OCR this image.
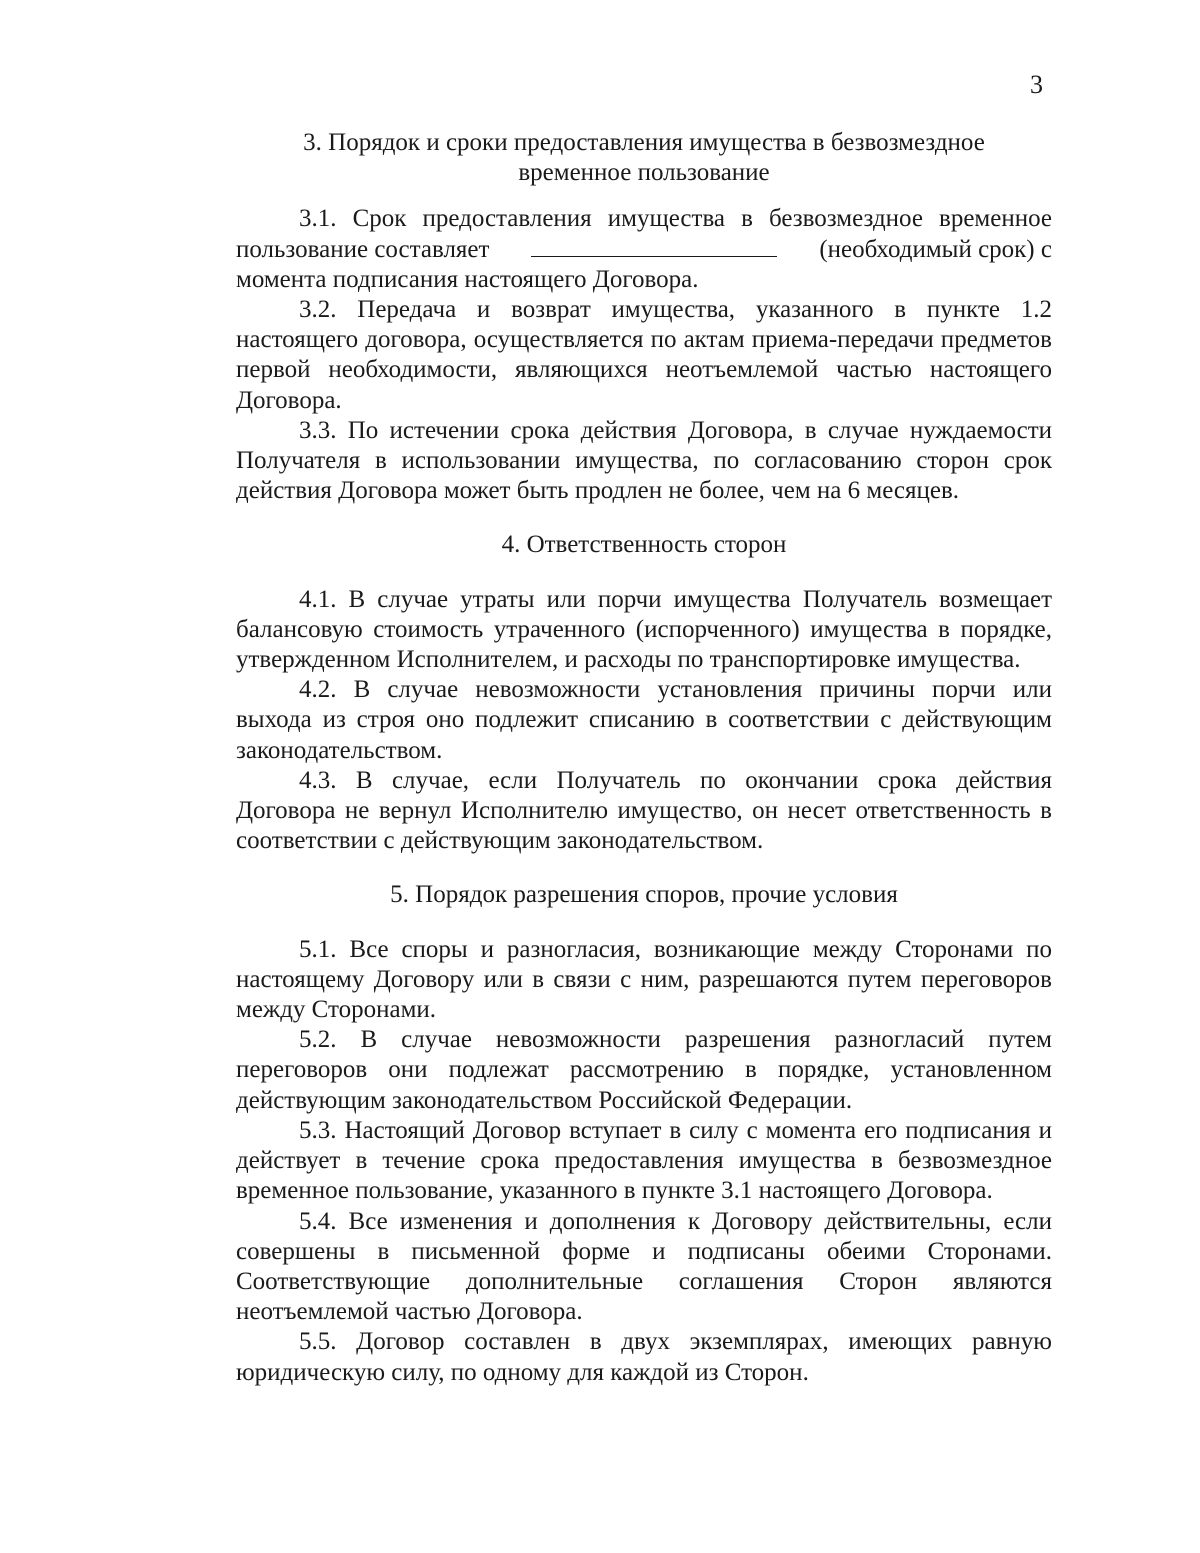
3
3. Порядок и сроки предоставления имущества в безвозмездное
временное пользование

3.1. Срок предоставления имущества в безвозмездное временное

пользование составляет	(необходимый срок) с

момента подписания настоящего Договора.

3.2. Передача и возврат имущества, указанного в пункте 1.2 настоящего договора, осуществляется по актам приема-передачи предметов первой необходимости, являющихся неотъемлемой частью настоящего Договора.

3.3. По истечении срока действия Договора, в случае нуждаемости Получателя в использовании имущества, по согласованию сторон срок действия Договора может быть продлен не более, чем на 6 месяцев.

4. Ответственность сторон

4.1. В случае утраты или порчи имущества Получатель возмещает балансовую стоимость утраченного (испорченного) имущества в порядке, утвержденном Исполнителем, и расходы по транспортировке имущества.

4.2. В случае невозможности установления причины порчи или выхода из строя оно подлежит списанию в соответствии с действующим законодательством.

4.3. В случае, если Получатель по окончании срока действия Договора не вернул Исполнителю имущество, он несет ответственность в соответствии с действующим законодательством.

5. Порядок разрешения споров, прочие условия

5.1. Все споры и разногласия, возникающие между Сторонами по настоящему Договору или в связи с ним, разрешаются путем переговоров между Сторонами.

5.2. В случае невозможности разрешения разногласий путем переговоров они подлежат рассмотрению в порядке, установленном действующим законодательством Российской Федерации.

5.3. Настоящий Договор вступает в силу с момента его подписания и действует в течение срока предоставления имущества в безвозмездное временное пользование, указанного в пункте 3.1 настоящего Договора.

5.4. Все изменения и дополнения к Договору действительны, если совершены в письменной форме и подписаны обеими Сторонами. Соответствующие дополнительные соглашения Сторон являются неотъемлемой частью Договора.

5.5. Договор составлен в двух экземплярах, имеющих равную юридическую силу, по одному для каждой из Сторон.
